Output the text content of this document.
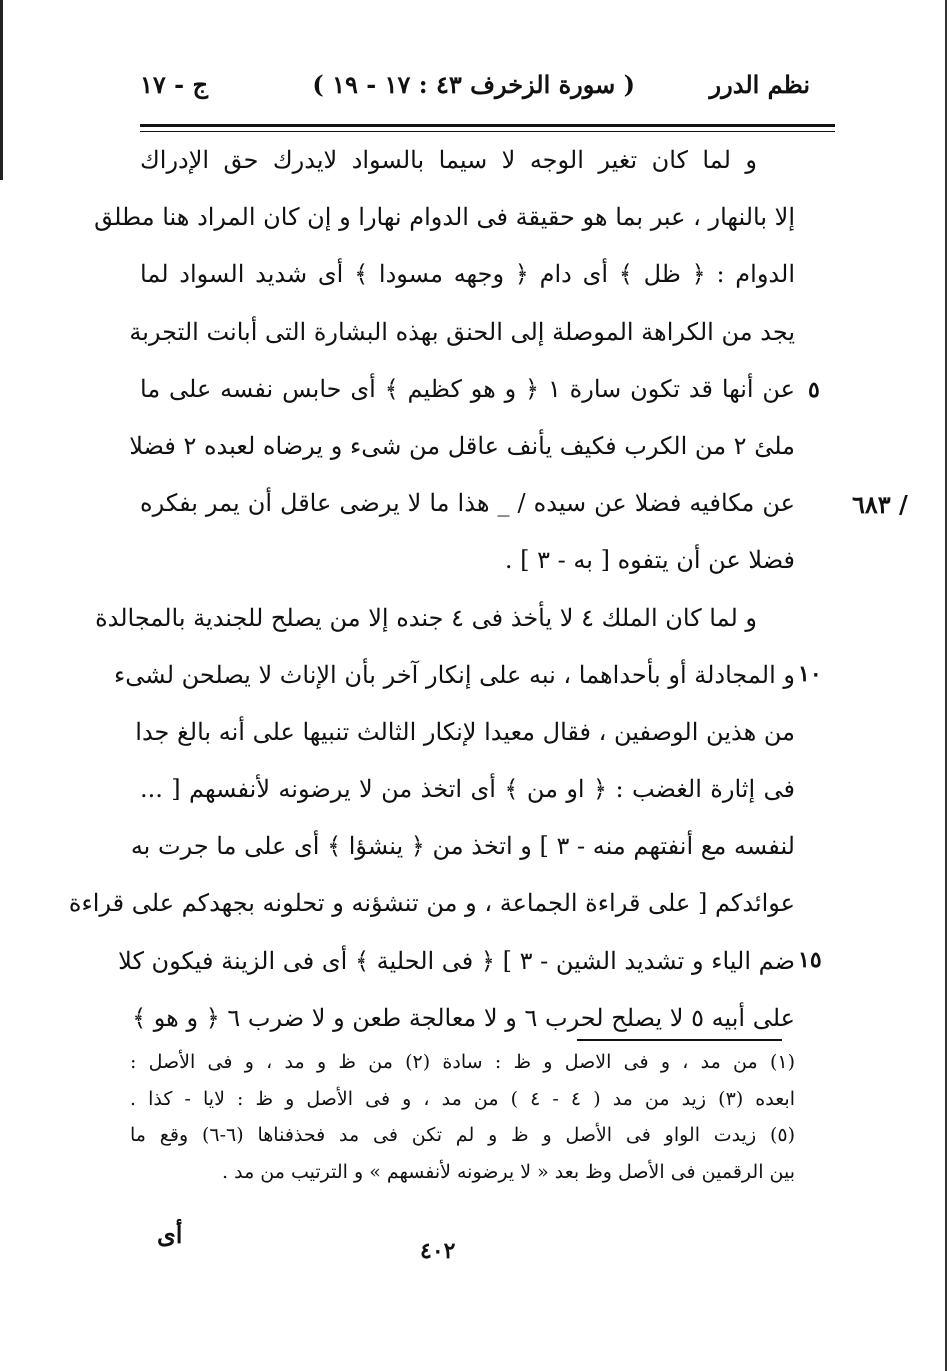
نظم الدرر
( سورة الزخرف ٤٣ : ١٧ - ١٩ )
ج - ١٧
و لما كان تغير الوجه لا سيما بالسواد لايدرك حق الإدراك
إلا بالنهار ، عبر بما هو حقيقة فى الدوام نهارا و إن كان المراد هنا مطلق
الدوام : ﴿ ظل ﴾ أى دام ﴿ وجهه مسودا ﴾ أى شديد السواد لما
يجد من الكراهة الموصلة إلى الحنق بهذه البشارة التى أبانت التجربة
عن أنها قد تكون سارة ١ ﴿ و هو كظيم ﴾ أى حابس نفسه على ما
ملئ ٢ من الكرب فكيف يأنف عاقل من شىء و يرضاه لعبده ٢ فضلا
عن مكافيه فضلا عن سيده / _ هذا ما لا يرضى عاقل أن يمر بفكره
فضلا عن أن يتفوه [ به - ٣ ] .
و لما كان الملك ٤ لا يأخذ فى ٤ جنده إلا من يصلح للجندية بالمجالدة
و المجادلة أو بأحداهما ، نبه على إنكار آخر بأن الإناث لا يصلحن لشىء
من هذين الوصفين ، فقال معيدا لإنكار الثالث تنبيها على أنه بالغ جدا
فى إثارة الغضب : ﴿ او من ﴾ أى اتخذ من لا يرضونه لأنفسهم [ ...
لنفسه مع أنفتهم منه - ٣ ] و اتخذ من ﴿ ينشؤا ﴾ أى على ما جرت به
عوائدكم [ على قراءة الجماعة ، و من تنشؤنه و تحلونه بجهدكم على قراءة
ضم الياء و تشديد الشين - ٣ ] ﴿ فى الحلية ﴾ أى فى الزينة فيكون كلا
على أبيه ٥ لا يصلح لحرب ٦ و لا معالجة طعن و لا ضرب ٦ ﴿ و هو ﴾
٥
١٠
١٥
٦٨٣ /
(١) من مد ، و فى الاصل و ظ : سادة (٢) من ظ و مد ، و فى الأصل :
ابعده (٣) زيد من مد ( ٤ - ٤ ) من مد ، و فى الأصل و ظ : لايا - كذا .
(٥) زيدت الواو فى الأصل و ظ و لم تكن فى مد فحذفناها (٦-٦) وقع ما
بين الرقمين فى الأصل وظ بعد « لا يرضونه لأنفسهم » و الترتيب من مد .
أى
٤٠٢
